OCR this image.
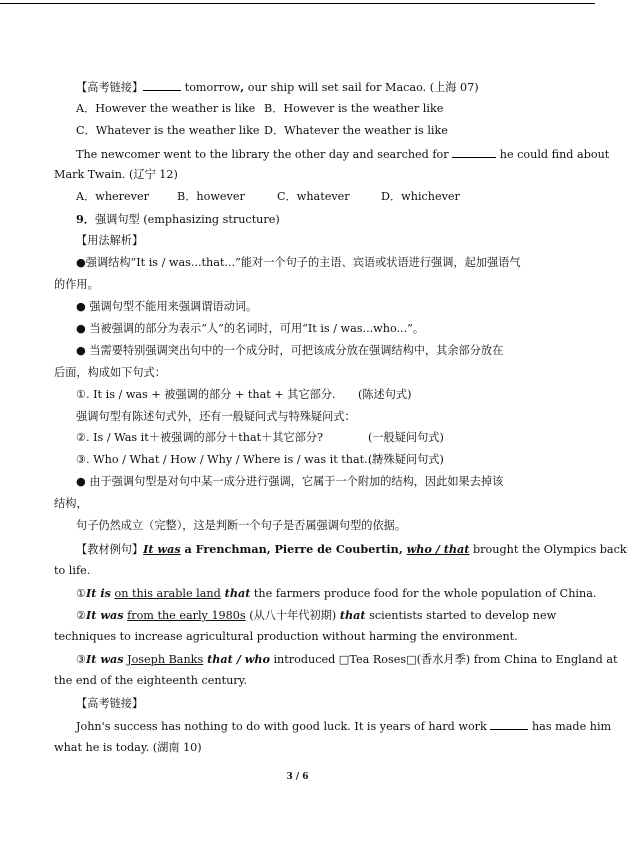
【高考链接】	tomorrow, our ship will set sail for Macao. (上海 07)
A．However the weather is like B．However is the weather like
C．Whatever is the weather like D．Whatever the weather is like
The newcomer went to the library the other day and searched for	he could find about
Mark Twain. (辽宁 12)
A．wherever	B．however	C．whatever	D．whichever
9．强调句型 (emphasizing structure)
【用法解析】
●强调结构“It is / was...that...”能对一个句子的主语、宾语或状语进行强调，起加强语气
的作用。
● 强调句型不能用来强调谓语动词。
● 当被强调的部分为表示“人”的名词时，可用“It is / was...who...”。
● 当需要特别强调突出句中的一个成分时，可把该成分放在强调结构中，其余部分放在
后面，构成如下句式：
①. It is / was + 被强调的部分 + that + 其它部分. (陈述句式)
强调句型有陈述句式外，还有一般疑问式与特殊疑问式：
②. Is / Was it＋被强调的部分＋that＋其它部分?	(一般疑问句式)
③. Who / What / How / Why / Where is / was it that...?(特殊疑问句式)
● 由于强调句型是对句中某一成分进行强调，它属于一个附加的结构，因此如果去掉该
结构，
句子仍然成立（完整），这是判断一个句子是否属强调句型的依据。
【教材例句】It was a Frenchman, Pierre de Coubertin, who / that brought the Olympics back
to life.
①It is on this arable land that the farmers produce food for the whole population of China.
②It was from the early 1980s (从八十年代初期) that scientists started to develop new
techniques to increase agricultural production without harming the environment.
③It was Joseph Banks that / who introduced □Tea Roses□(香水月季) from China to England at
the end of the eighteenth century.
【高考链接】
John's success has nothing to do with good luck. It is years of hard work	has made him
what he is today. (湖南 10)
3 / 6
